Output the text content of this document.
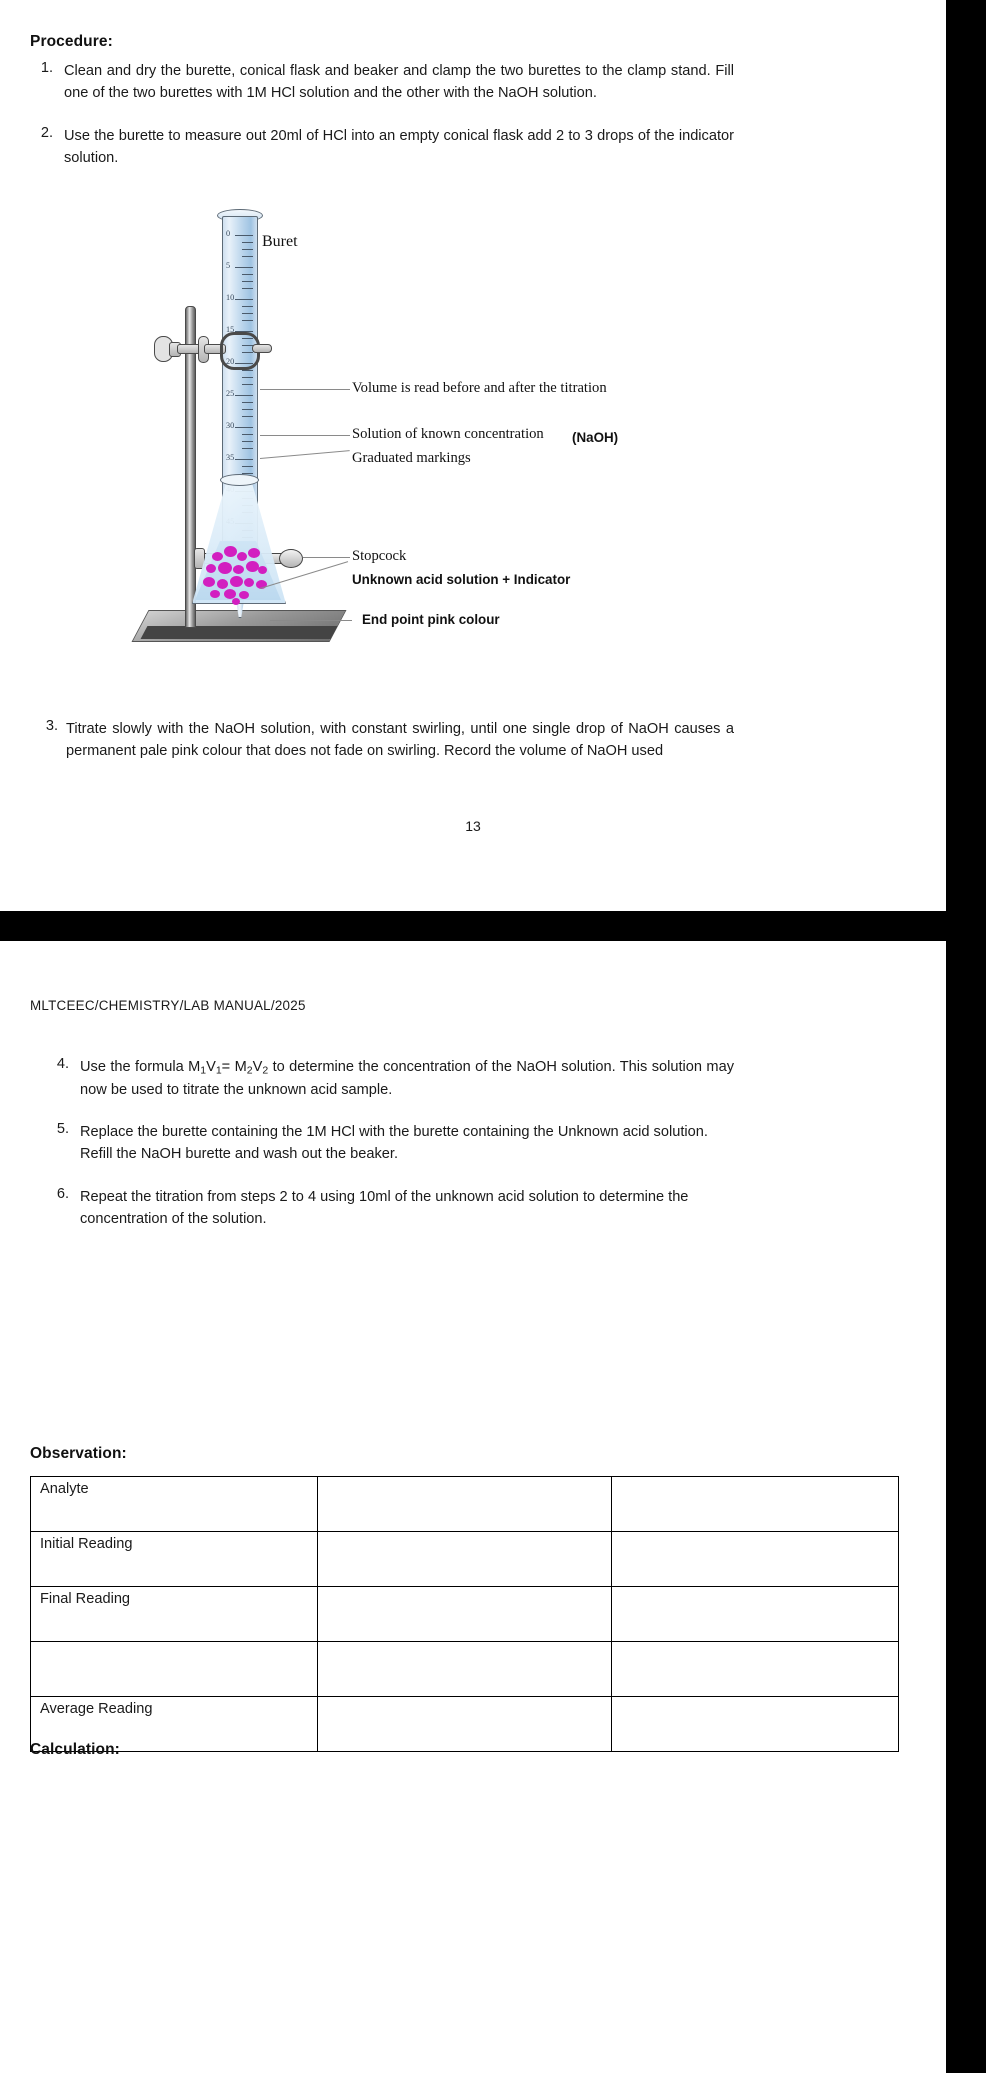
Procedure:
1. Clean and dry the burette, conical flask and beaker and clamp the two burettes to the clamp stand. Fill one of the two burettes with 1M HCl solution and the other with the NaOH solution.
2. Use the burette to measure out 20ml of HCl into an empty conical flask add 2 to 3 drops of the indicator solution.
0
5
10
15
20
25
30
35
Buret
Volume is read before and after the titration
Solution of known concentration (NaOH)
Graduated markings
Stopcock
Unknown acid solution + Indicator
End point pink colour
3. Titrate slowly with the NaOH solution, with constant swirling, until one single drop of NaOH causes a permanent pale pink colour that does not fade on swirling. Record the volume of NaOH used
13
MLTCEEC/CHEMISTRY/LAB MANUAL/2025
4. Use the formula $M_1V_1= M_2V_2$ to determine the concentration of the NaOH solution. This solution may now be used to titrate the unknown acid sample.
5. Replace the burette containing the 1M HCl with the burette containing the Unknown acid solution. Refill the NaOH burette and wash out the beaker.
6. Repeat the titration from steps 2 to 4 using 10ml of the unknown acid solution to determine the concentration of the solution.
Observation:
Analyte		
Initial Reading		
Final Reading		

Average Reading		
Calculation:
